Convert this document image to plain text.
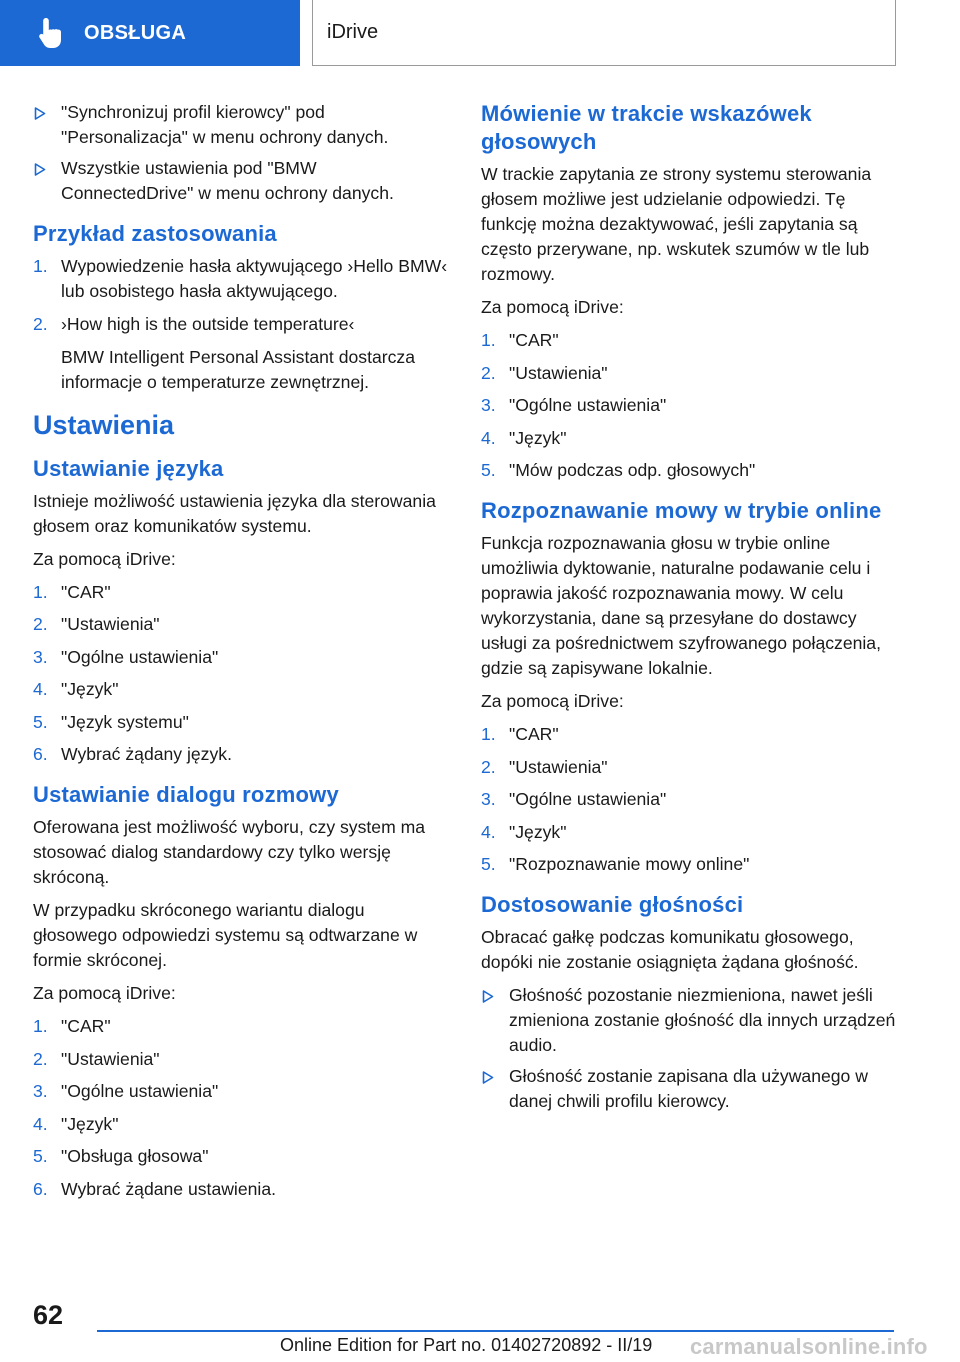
OBSŁUGA	iDrive
"Synchronizuj profil kierowcy" pod "Personalizacja" w menu ochrony danych.
Wszystkie ustawienia pod "BMW ConnectedDrive" w menu ochrony danych.
Przykład zastosowania
1. Wypowiedzenie hasła aktywującego ›Hello BMW‹ lub osobistego hasła aktywującego.
2. ›How high is the outside temperature‹
BMW Intelligent Personal Assistant dostarcza informacje o temperaturze zewnętrznej.
Ustawienia
Ustawianie języka

Istnieje możliwość ustawienia języka dla sterowania głosem oraz komunikatów systemu.

Za pomocą iDrive:

1. "CAR"
2. "Ustawienia"
3. "Ogólne ustawienia"
4. "Język"
5. "Język systemu"
6. Wybrać żądany język.
Ustawianie dialogu rozmowy

Oferowana jest możliwość wyboru, czy system ma stosować dialog standardowy czy tylko wersję skróconą.

W przypadku skróconego wariantu dialogu głosowego odpowiedzi systemu są odtwarzane w formie skróconej.

Za pomocą iDrive:

1. "CAR"
2. "Ustawienia"
3. "Ogólne ustawienia"
4. "Język"
5. "Obsługa głosowa"
6. Wybrać żądane ustawienia.
Mówienie w trakcie wskazówek głosowych

W trackie zapytania ze strony systemu sterowania głosem możliwe jest udzielanie odpowiedzi. Tę funkcję można dezaktywować, jeśli zapytania są często przerywane, np. wskutek szumów w tle lub rozmowy.

Za pomocą iDrive:

1. "CAR"
2. "Ustawienia"
3. "Ogólne ustawienia"
4. "Język"
5. "Mów podczas odp. głosowych"
Rozpoznawanie mowy w trybie online

Funkcja rozpoznawania głosu w trybie online umożliwia dyktowanie, naturalne podawanie celu i poprawia jakość rozpoznawania mowy. W celu wykorzystania, dane są przesyłane do dostawcy usługi za pośrednictwem szyfrowanego połączenia, gdzie są zapisywane lokalnie.

Za pomocą iDrive:

1. "CAR"
2. "Ustawienia"
3. "Ogólne ustawienia"
4. "Język"
5. "Rozpoznawanie mowy online"
Dostosowanie głośności

Obracać gałkę podczas komunikatu głosowego, dopóki nie zostanie osiągnięta żądana głośność.

Głośność pozostanie niezmieniona, nawet jeśli zmieniona zostanie głośność dla innych urządzeń audio.
Głośność zostanie zapisana dla używanego w danej chwili profilu kierowcy.
62
Online Edition for Part no. 01402720892 - II/19 carmanualsonline.info
